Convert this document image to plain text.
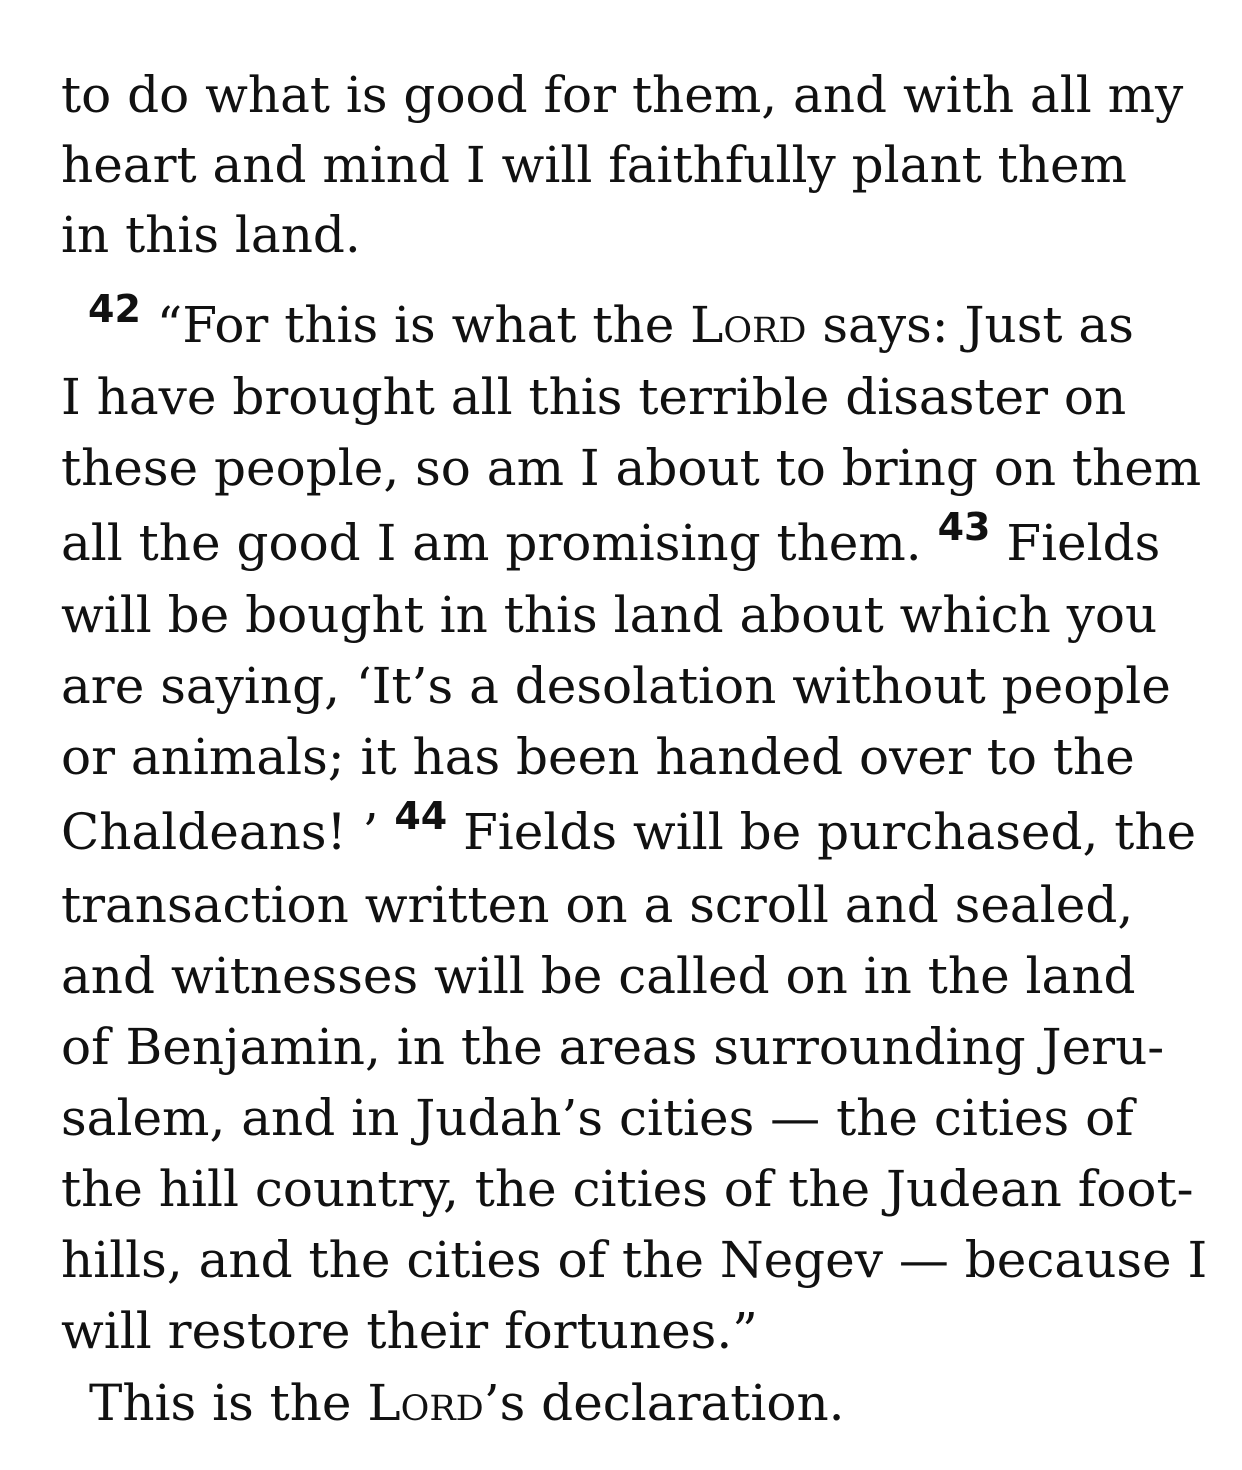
to do what is good for them, and with all my
heart and mind I will faithfully plant them
in this land.
$^{42}$ “For this is what the Lord says: Just as
I have brought all this terrible disaster on
these people, so am I about to bring on them
all the good I am promising them. $^{43}$ Fields
will be bought in this land about which you
are saying, ‘It’s a desolation without people
or animals; it has been handed over to the
Chaldeans! ’ $^{44}$ Fields will be purchased, the
transaction written on a scroll and sealed,
and witnesses will be called on in the land
of Benjamin, in the areas surrounding Jeru-
salem, and in Judah’s cities — the cities of
the hill country, the cities of the Judean foot-
hills, and the cities of the Negev — because I
will restore their fortunes.”
This is the Lord’s declaration.
